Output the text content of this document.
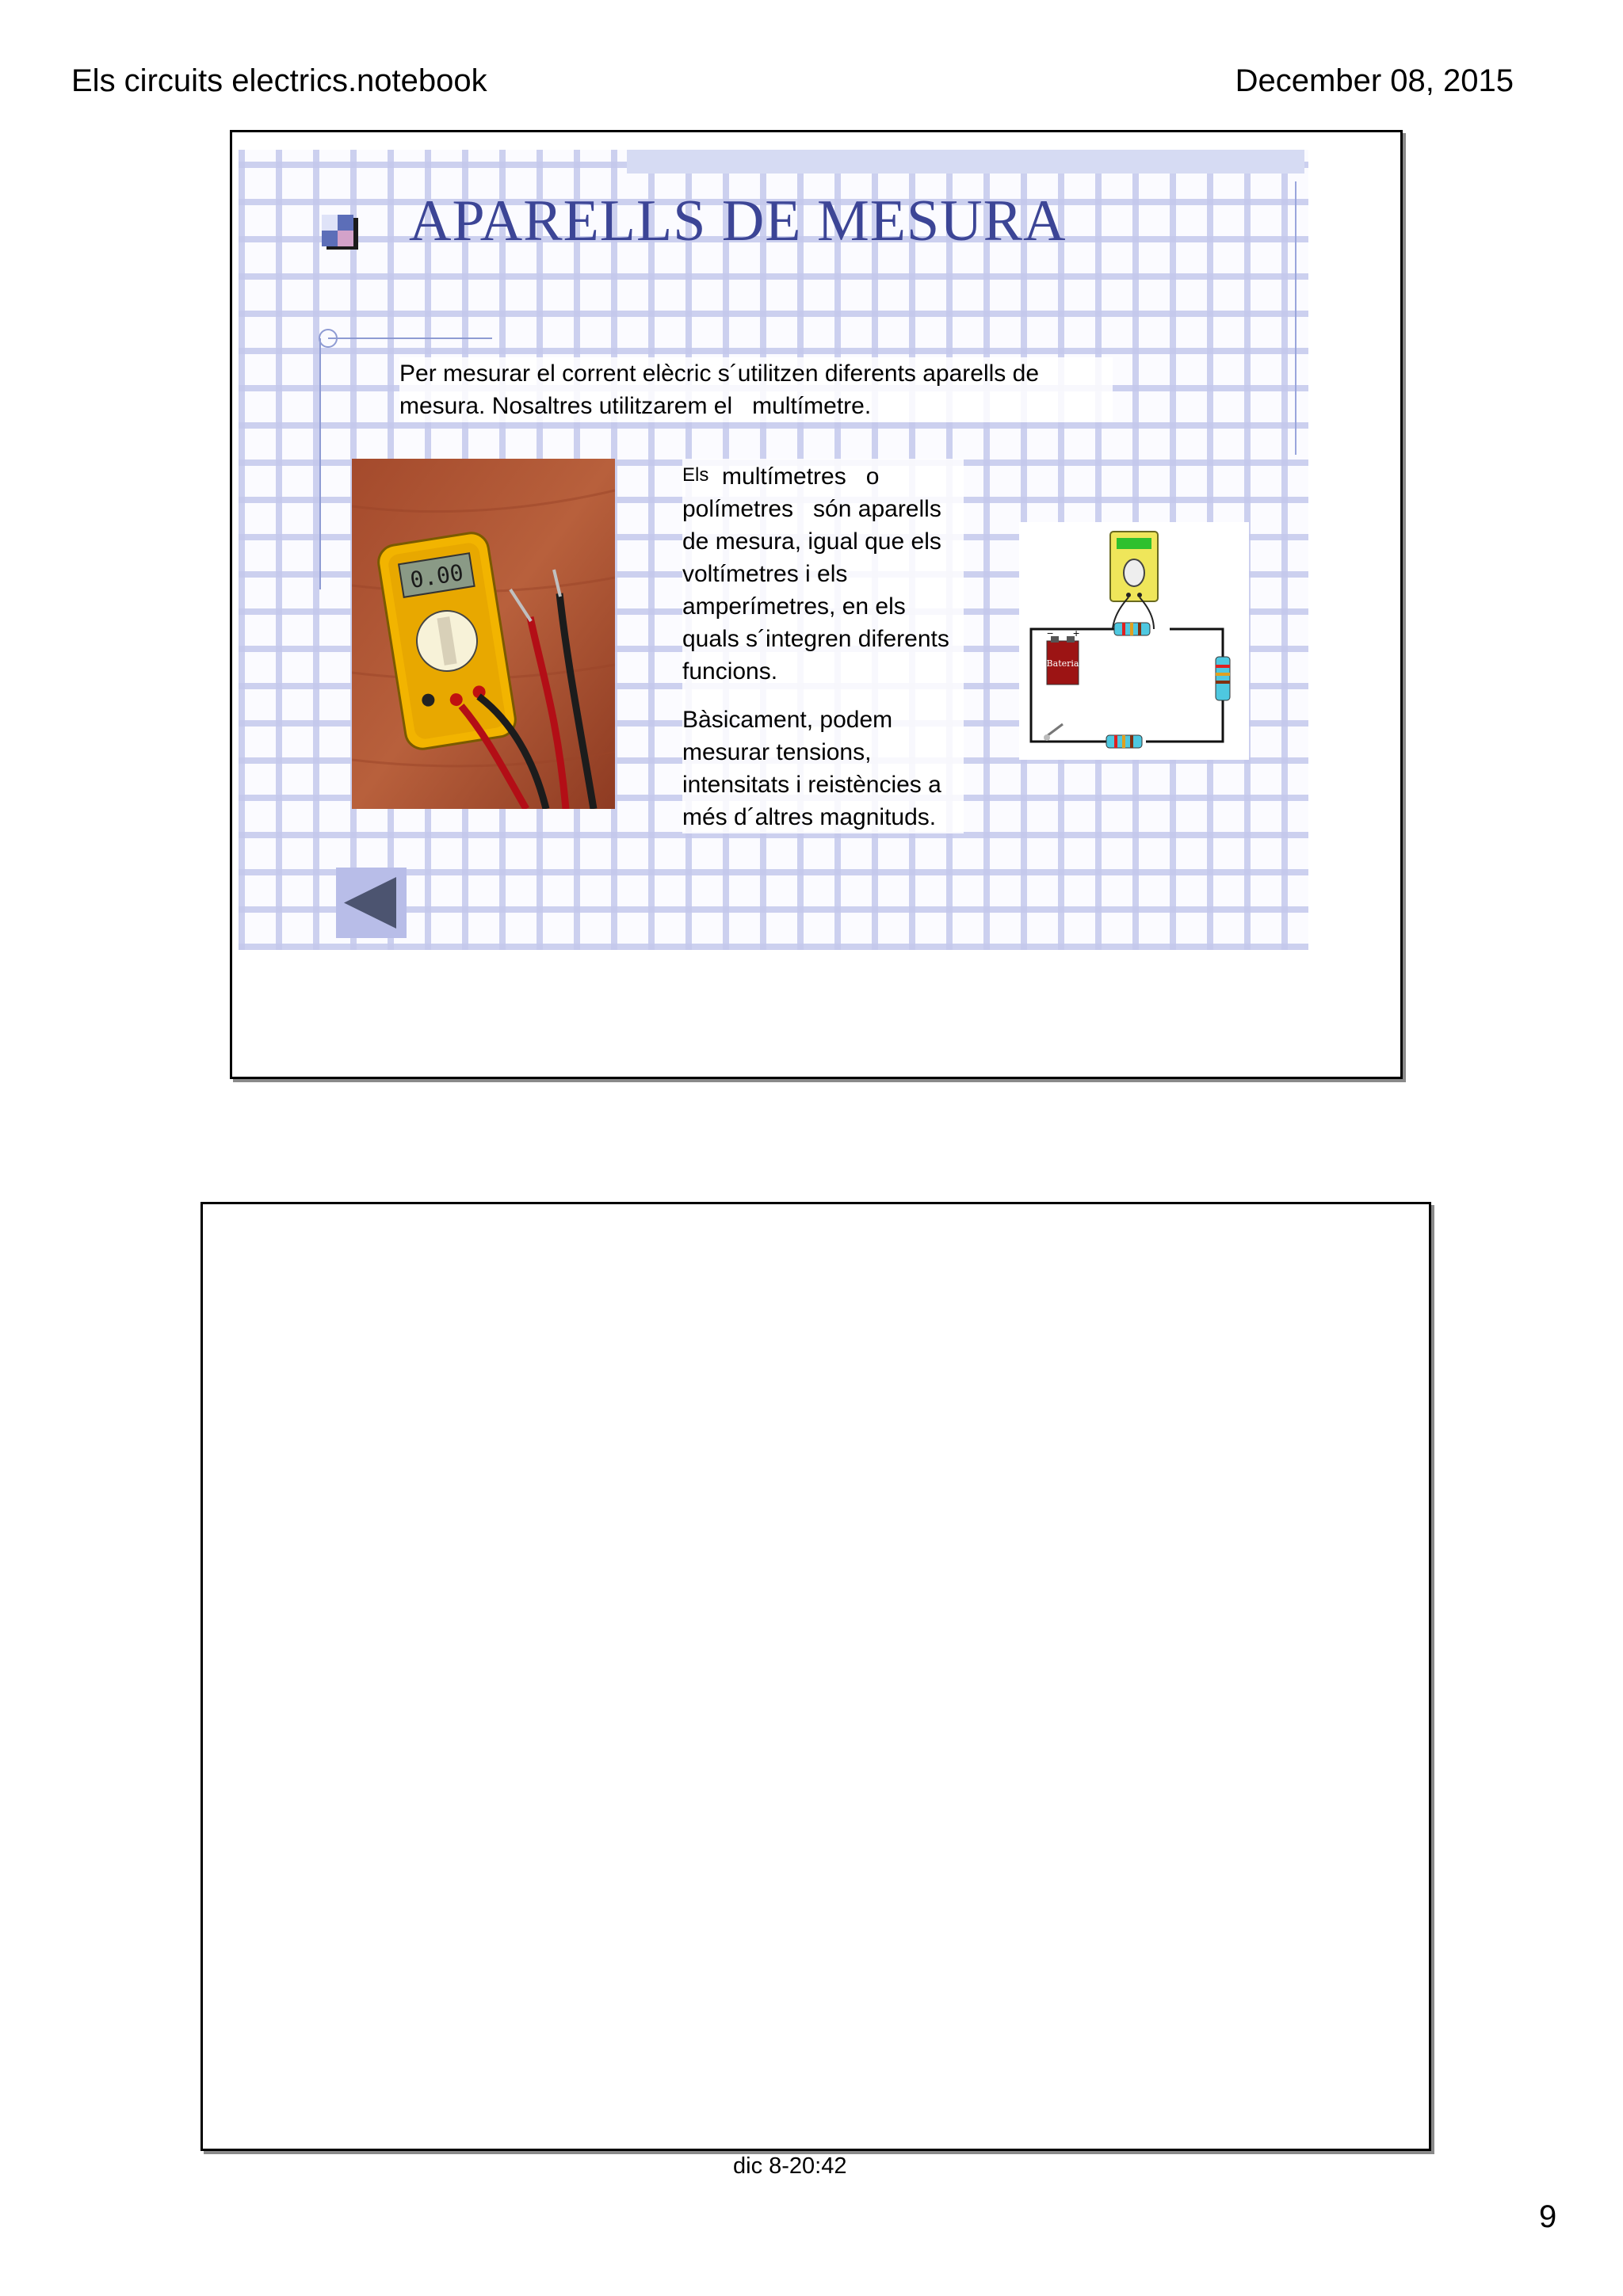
Els circuits electrics.notebook	December 08, 2015
APARELLS DE MESURA

Per mesurar el corrent elècric s´utilitzen diferents aparells de

mesura. Nosaltres utilitzarem el   multímetre.

0.00

Els  multímetres   o polímetres   són aparells de mesura, igual que els voltímetres i els amperímetres, en els quals s´integren diferents funcions.

Bàsicament, podem mesurar tensions, intensitats i reistències a més d´altres magnituds.

Bateria
− +
dic 8-20:42
9
